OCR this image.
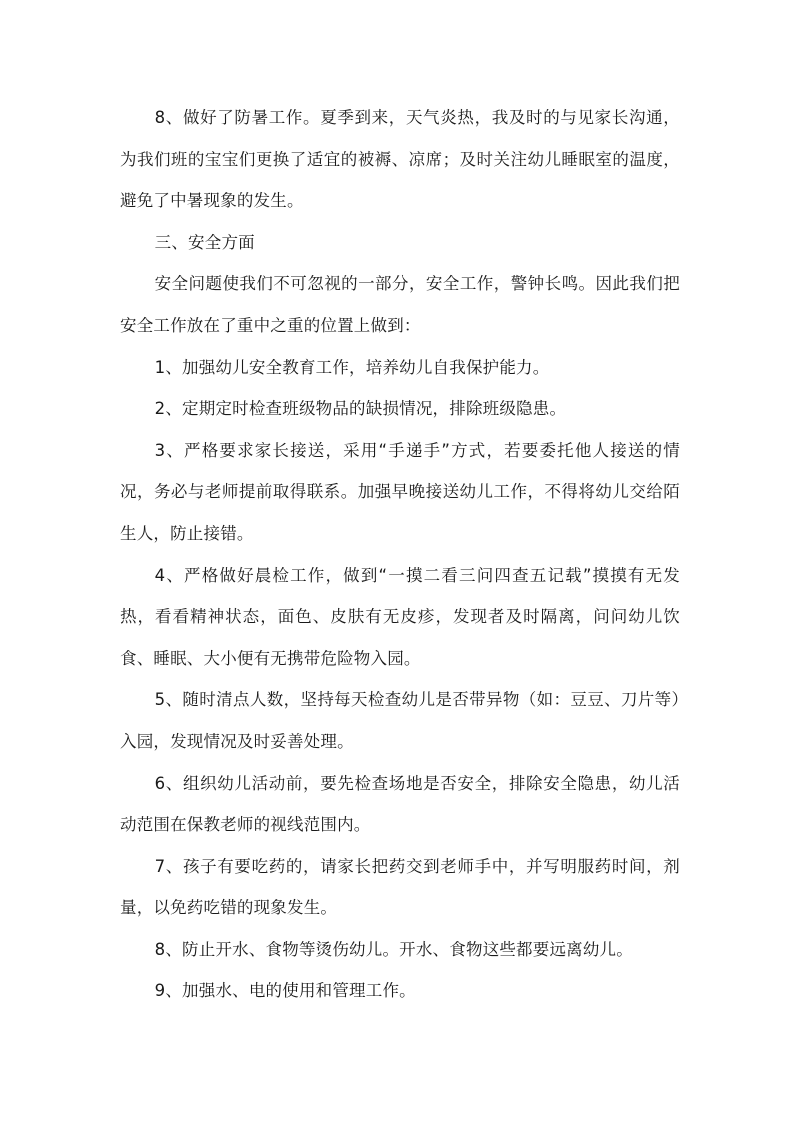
8、做好了防暑工作。夏季到来，天气炎热，我及时的与见家长沟通，为我们班的宝宝们更换了适宜的被褥、凉席；及时关注幼儿睡眠室的温度，避免了中暑现象的发生。

三、安全方面

安全问题使我们不可忽视的一部分，安全工作，警钟长鸣。因此我们把安全工作放在了重中之重的位置上做到：

1、加强幼儿安全教育工作，培养幼儿自我保护能力。

2、定期定时检查班级物品的缺损情况，排除班级隐患。

3、严格要求家长接送，采用“手递手”方式，若要委托他人接送的情况，务必与老师提前取得联系。加强早晚接送幼儿工作，不得将幼儿交给陌生人，防止接错。

4、严格做好晨检工作，做到“一摸二看三问四查五记载”摸摸有无发热，看看精神状态，面色、皮肤有无皮疹，发现者及时隔离，问问幼儿饮食、睡眠、大小便有无携带危险物入园。

5、随时清点人数，坚持每天检查幼儿是否带异物（如：豆豆、刀片等）入园，发现情况及时妥善处理。

6、组织幼儿活动前，要先检查场地是否安全，排除安全隐患，幼儿活动范围在保教老师的视线范围内。

7、孩子有要吃药的，请家长把药交到老师手中，并写明服药时间，剂量，以免药吃错的现象发生。

8、防止开水、食物等烫伤幼儿。开水、食物这些都要远离幼儿。

9、加强水、电的使用和管理工作。
